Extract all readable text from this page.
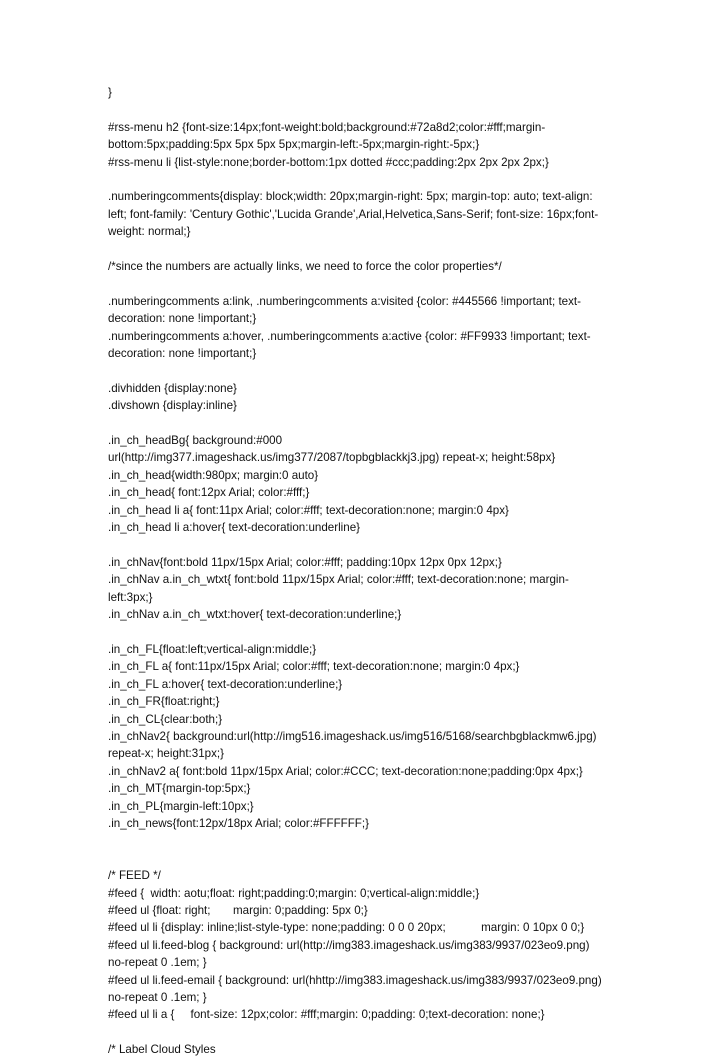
}
#rss-menu h2 {font-size:14px;font-weight:bold;background:#72a8d2;color:#fff;margin-
bottom:5px;padding:5px 5px 5px 5px;margin-left:-5px;margin-right:-5px;}
#rss-menu li {list-style:none;border-bottom:1px dotted #ccc;padding:2px 2px 2px 2px;}
.numberingcomments{display: block;width: 20px;margin-right: 5px; margin-top: auto; text-align:
left; font-family: 'Century Gothic','Lucida Grande',Arial,Helvetica,Sans-Serif; font-size: 16px;font-
weight: normal;}
/*since the numbers are actually links, we need to force the color properties*/
.numberingcomments a:link, .numberingcomments a:visited {color: #445566 !important; text-
decoration: none !important;}
.numberingcomments a:hover, .numberingcomments a:active {color: #FF9933 !important; text-
decoration: none !important;}
.divhidden {display:none}
.divshown {display:inline}
.in_ch_headBg{ background:#000
url(http://img377.imageshack.us/img377/2087/topbgblackkj3.jpg) repeat-x; height:58px}
.in_ch_head{width:980px; margin:0 auto}
.in_ch_head{ font:12px Arial; color:#fff;}
.in_ch_head li a{ font:11px Arial; color:#fff; text-decoration:none; margin:0 4px}
.in_ch_head li a:hover{ text-decoration:underline}
.in_chNav{font:bold 11px/15px Arial; color:#fff; padding:10px 12px 0px 12px;}
.in_chNav a.in_ch_wtxt{ font:bold 11px/15px Arial; color:#fff; text-decoration:none; margin-
left:3px;}
.in_chNav a.in_ch_wtxt:hover{ text-decoration:underline;}
.in_ch_FL{float:left;vertical-align:middle;}
.in_ch_FL a{ font:11px/15px Arial; color:#fff; text-decoration:none; margin:0 4px;}
.in_ch_FL a:hover{ text-decoration:underline;}
.in_ch_FR{float:right;}
.in_ch_CL{clear:both;}
.in_chNav2{ background:url(http://img516.imageshack.us/img516/5168/searchbgblackmw6.jpg)
repeat-x; height:31px;}
.in_chNav2 a{ font:bold 11px/15px Arial; color:#CCC; text-decoration:none;padding:0px 4px;}
.in_ch_MT{margin-top:5px;}
.in_ch_PL{margin-left:10px;}
.in_ch_news{font:12px/18px Arial; color:#FFFFFF;}

/* FEED */
#feed {  width: aotu;float: right;padding:0;margin: 0;vertical-align:middle;}
#feed ul {float: right;       margin: 0;padding: 5px 0;}
#feed ul li {display: inline;list-style-type: none;padding: 0 0 0 20px;           margin: 0 10px 0 0;}
#feed ul li.feed-blog { background: url(http://img383.imageshack.us/img383/9937/023eo9.png)
no-repeat 0 .1em; }
#feed ul li.feed-email { background: url(hhttp://img383.imageshack.us/img383/9937/023eo9.png)
no-repeat 0 .1em; }
#feed ul li a {     font-size: 12px;color: #fff;margin: 0;padding: 0;text-decoration: none;}
/* Label Cloud Styles
